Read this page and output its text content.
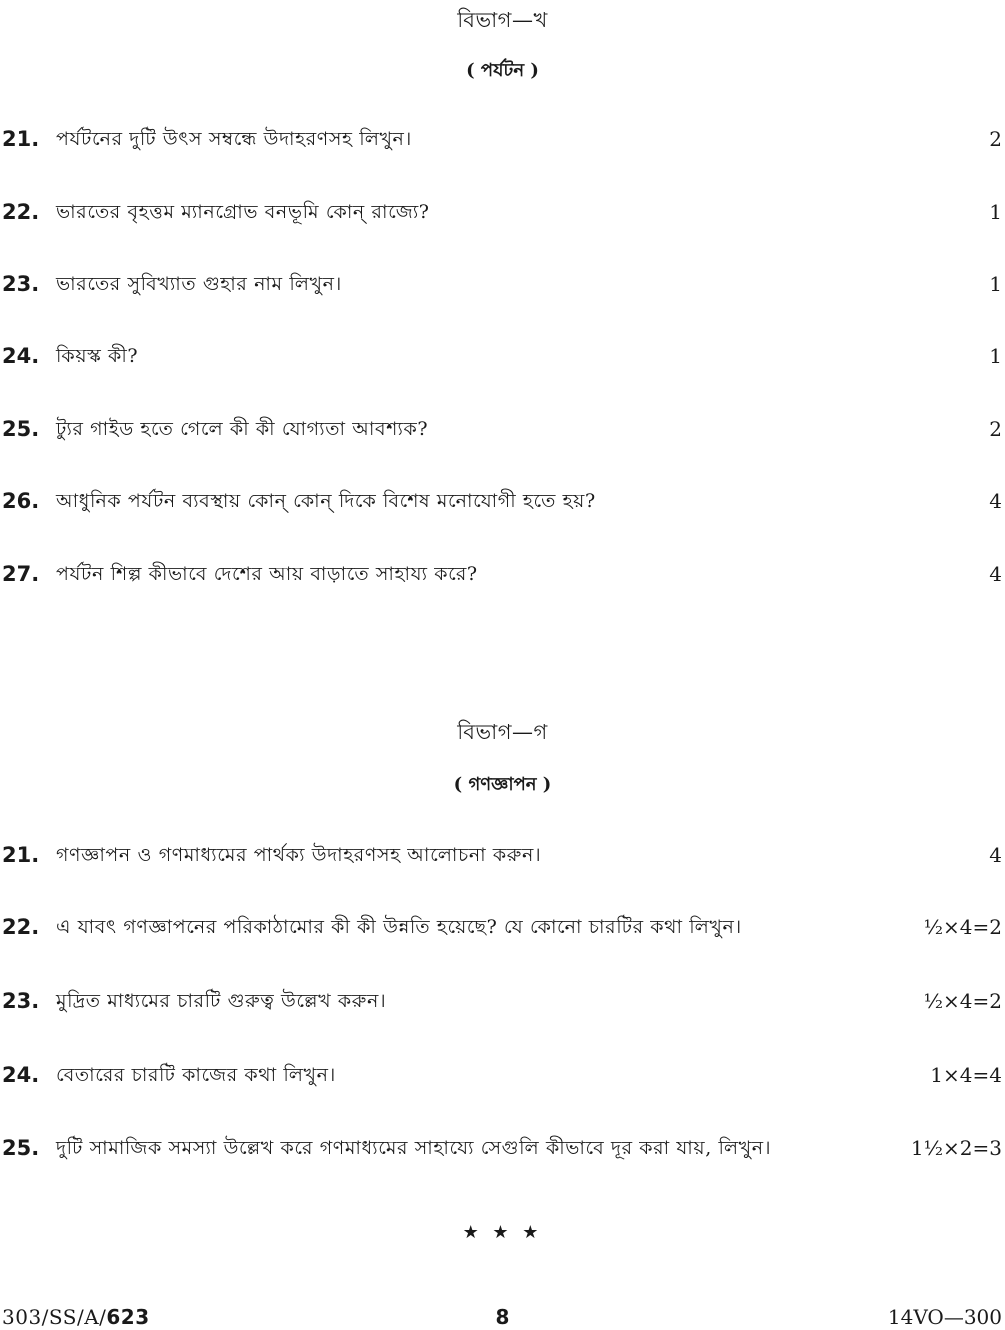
বিভাগ—খ
( পর্যটন )
21. পর্যটনের দুটি উৎস সম্বন্ধে উদাহরণসহ লিখুন।	2
22. ভারতের বৃহত্তম ম্যানগ্রোভ বনভূমি কোন্ রাজ্যে?	1
23. ভারতের সুবিখ্যাত গুহার নাম লিখুন।	1
24. কিয়স্ক কী?	1
25. ট্যুর গাইড হতে গেলে কী কী যোগ্যতা আবশ্যক?	2
26. আধুনিক পর্যটন ব্যবস্থায় কোন্ কোন্ দিকে বিশেষ মনোযোগী হতে হয়?	4
27. পর্যটন শিল্প কীভাবে দেশের আয় বাড়াতে সাহায্য করে?	4
বিভাগ—গ
( গণজ্ঞাপন )
21. গণজ্ঞাপন ও গণমাধ্যমের পার্থক্য উদাহরণসহ আলোচনা করুন।	4
22. এ যাবৎ গণজ্ঞাপনের পরিকাঠামোর কী কী উন্নতি হয়েছে? যে কোনো চারটির কথা লিখুন।	½×4=2
23. মুদ্রিত মাধ্যমের চারটি গুরুত্ব উল্লেখ করুন।	½×4=2
24. বেতারের চারটি কাজের কথা লিখুন।	1×4=4
25. দুটি সামাজিক সমস্যা উল্লেখ করে গণমাধ্যমের সাহায্যে সেগুলি কীভাবে দূর করা যায়, লিখুন।	1½×2=3
★ ★ ★
303/SS/A/623	8	14VO—300
